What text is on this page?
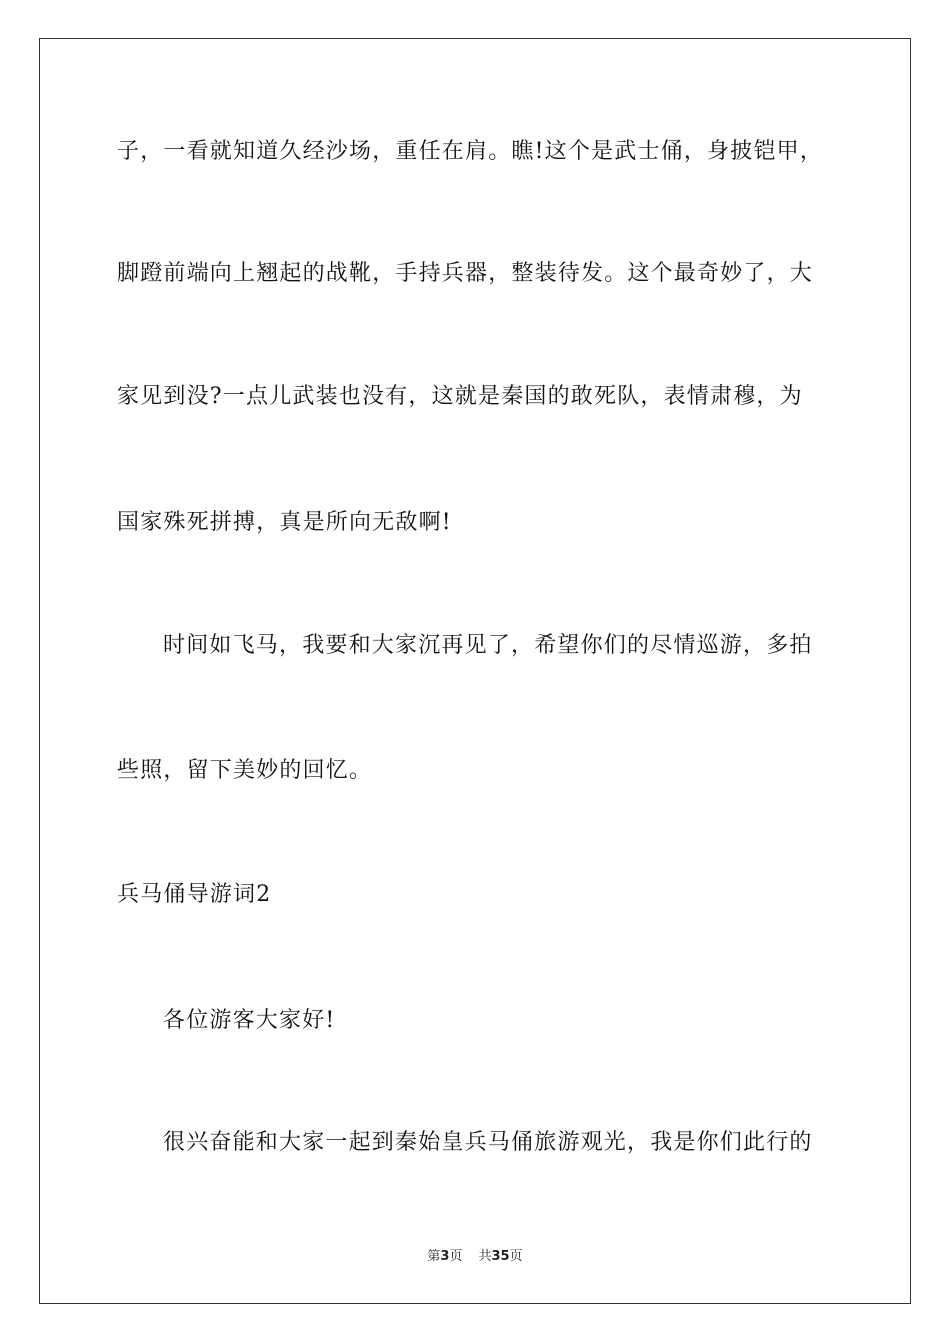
子，一看就知道久经沙场，重任在肩。瞧!这个是武士俑，身披铠甲，
脚蹬前端向上翘起的战靴，手持兵器，整装待发。这个最奇妙了，大
家见到没?一点儿武装也没有，这就是秦国的敢死队，表情肃穆，为
国家殊死拼搏，真是所向无敌啊!
时间如飞马，我要和大家沉再见了，希望你们的尽情巡游，多拍
些照，留下美妙的回忆。
兵马俑导游词2
各位游客大家好!
很兴奋能和大家一起到秦始皇兵马俑旅游观光，我是你们此行的
第3页 共35页
